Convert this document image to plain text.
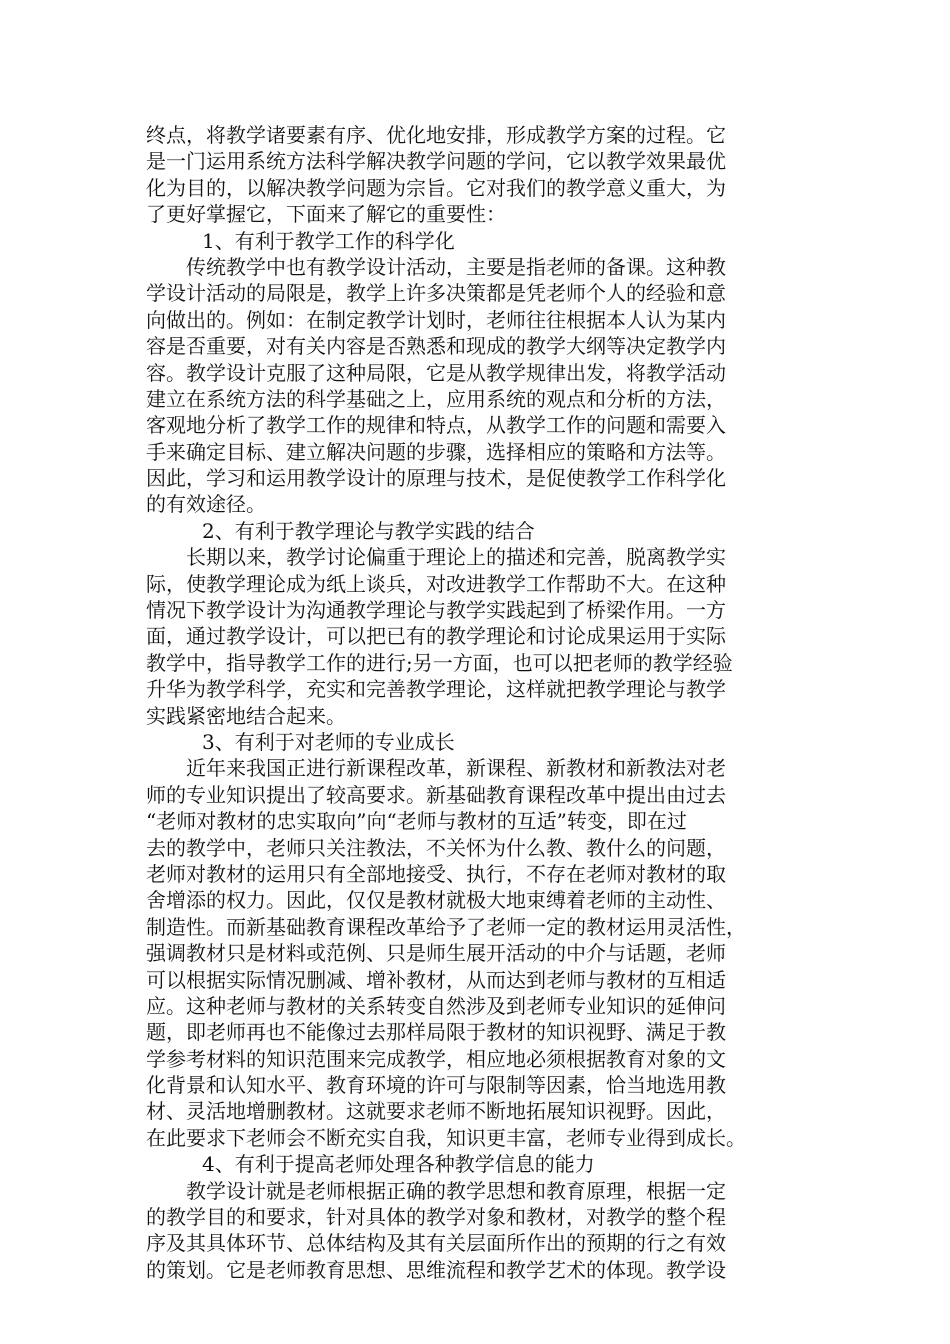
终点，将教学诸要素有序、优化地安排，形成教学方案的过程。它
是一门运用系统方法科学解决教学问题的学问，它以教学效果最优
化为目的，以解决教学问题为宗旨。它对我们的教学意义重大，为
了更好掌握它，下面来了解它的重要性：
1、有利于教学工作的科学化
传统教学中也有教学设计活动，主要是指老师的备课。这种教
学设计活动的局限是，教学上许多决策都是凭老师个人的经验和意
向做出的。例如：在制定教学计划时，老师往往根据本人认为某内
容是否重要，对有关内容是否熟悉和现成的教学大纲等决定教学内
容。教学设计克服了这种局限，它是从教学规律出发，将教学活动
建立在系统方法的科学基础之上，应用系统的观点和分析的方法，
客观地分析了教学工作的规律和特点，从教学工作的问题和需要入
手来确定目标、建立解决问题的步骤，选择相应的策略和方法等。
因此，学习和运用教学设计的原理与技术，是促使教学工作科学化
的有效途径。
2、有利于教学理论与教学实践的结合
长期以来，教学讨论偏重于理论上的描述和完善，脱离教学实
际，使教学理论成为纸上谈兵，对改进教学工作帮助不大。在这种
情况下教学设计为沟通教学理论与教学实践起到了桥梁作用。一方
面，通过教学设计，可以把已有的教学理论和讨论成果运用于实际
教学中，指导教学工作的进行;另一方面，也可以把老师的教学经验
升华为教学科学，充实和完善教学理论，这样就把教学理论与教学
实践紧密地结合起来。
3、有利于对老师的专业成长
近年来我国正进行新课程改革，新课程、新教材和新教法对老
师的专业知识提出了较高要求。新基础教育课程改革中提出由过去
“老师对教材的忠实取向”向“老师与教材的互适”转变，即在过
去的教学中，老师只关注教法，不关怀为什么教、教什么的问题，
老师对教材的运用只有全部地接受、执行，不存在老师对教材的取
舍增添的权力。因此，仅仅是教材就极大地束缚着老师的主动性、
制造性。而新基础教育课程改革给予了老师一定的教材运用灵活性，
强调教材只是材料或范例、只是师生展开活动的中介与话题，老师
可以根据实际情况删减、增补教材，从而达到老师与教材的互相适
应。这种老师与教材的关系转变自然涉及到老师专业知识的延伸问
题，即老师再也不能像过去那样局限于教材的知识视野、满足于教
学参考材料的知识范围来完成教学，相应地必须根据教育对象的文
化背景和认知水平、教育环境的许可与限制等因素，恰当地选用教
材、灵活地增删教材。这就要求老师不断地拓展知识视野。因此，
在此要求下老师会不断充实自我，知识更丰富，老师专业得到成长。
4、有利于提高老师处理各种教学信息的能力
教学设计就是老师根据正确的教学思想和教育原理，根据一定
的教学目的和要求，针对具体的教学对象和教材，对教学的整个程
序及其具体环节、总体结构及其有关层面所作出的预期的行之有效
的策划。它是老师教育思想、思维流程和教学艺术的体现。教学设
